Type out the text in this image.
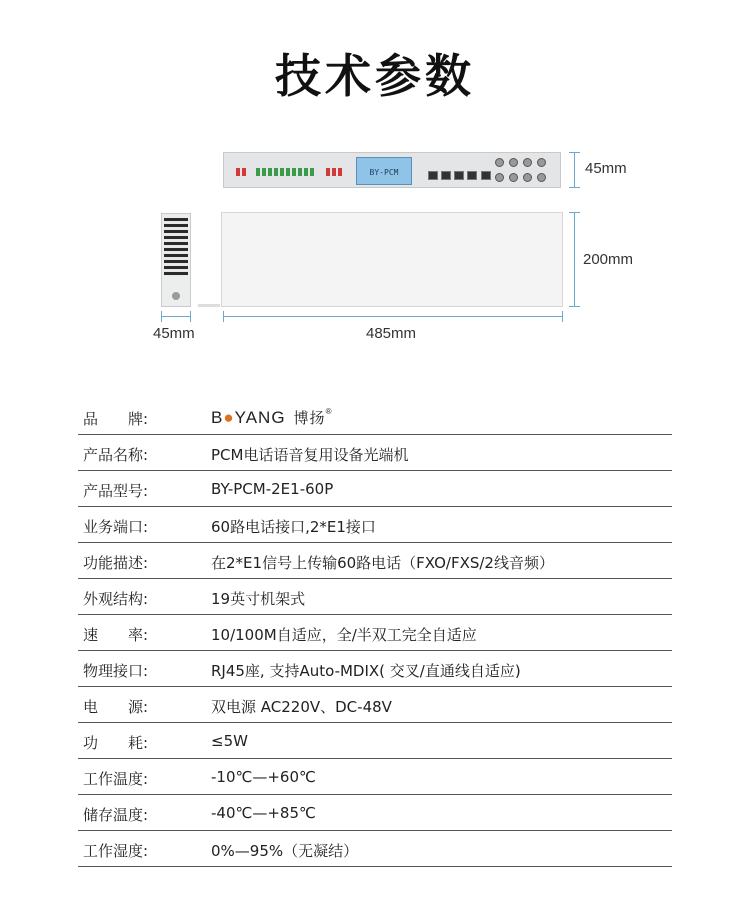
技术参数
BY-PCM	45mm
200mm
45mm	485mm
品　　牌:	B●YANG 博扬®
产品名称:	PCM电话语音复用设备光端机
产品型号:	BY-PCM-2E1-60P
业务端口:	60路电话接口,2*E1接口
功能描述:	在2*E1信号上传输60路电话（FXO/FXS/2线音频）
外观结构:	19英寸机架式
速　　率:	10/100M自适应，全/半双工完全自适应
物理接口:	RJ45座, 支持Auto-MDIX( 交叉/直通线自适应)
电　　源:	双电源 AC220V、DC-48V
功　　耗:	≤5W
工作温度:	-10℃—+60℃
储存温度:	-40℃—+85℃
工作湿度:	0%—95%（无凝结）
